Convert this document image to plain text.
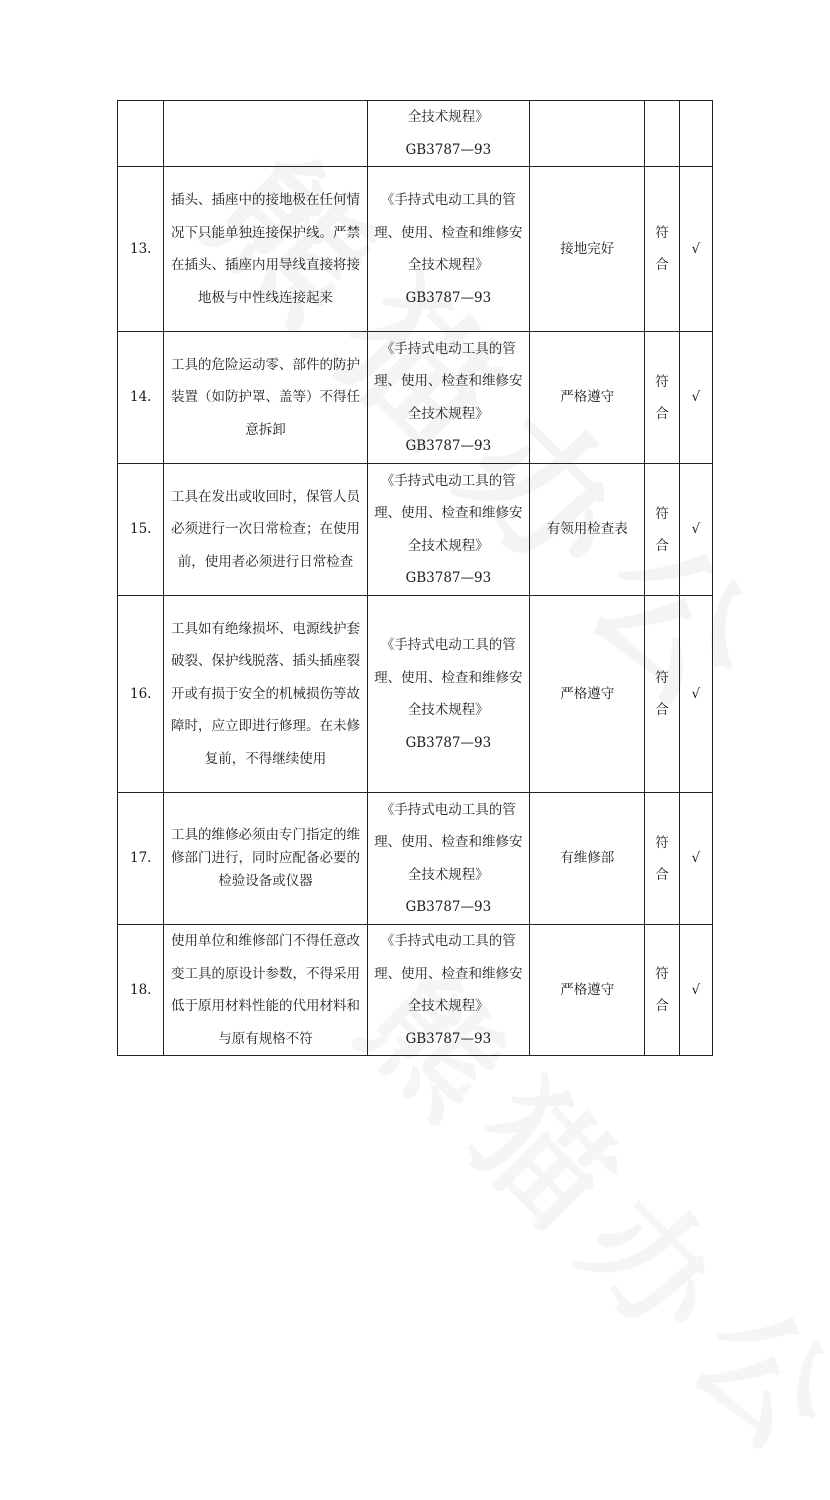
		全技术规程》
GB3787—93			

13.	插头、插座中的接地极在任何情况下只能单独连接保护线。严禁在插头、插座内用导线直接将接地极与中性线连接起来	《手持式电动工具的管
理、使用、检查和维修安
全技术规程》
GB3787—93	接地完好	符
合	√
14.	工具的危险运动零、部件的防护装置（如防护罩、盖等）不得任意拆卸	《手持式电动工具的管
理、使用、检查和维修安
全技术规程》
GB3787—93	严格遵守	符
合	√
15.	工具在发出或收回时，保管人员必须进行一次日常检查；在使用前，使用者必须进行日常检查	《手持式电动工具的管
理、使用、检查和维修安
全技术规程》
GB3787—93	有领用检查表	符
合	√
16.	工具如有绝缘损坏、电源线护套破裂、保护线脱落、插头插座裂开或有损于安全的机械损伤等故障时，应立即进行修理。在未修复前，不得继续使用	《手持式电动工具的管
理、使用、检查和维修安
全技术规程》
GB3787—93	严格遵守	符
合	√
17.	工具的维修必须由专门指定的维修部门进行，同时应配备必要的检验设备或仪器	《手持式电动工具的管
理、使用、检查和维修安
全技术规程》
GB3787—93	有维修部	符
合	√
18.	使用单位和维修部门不得任意改变工具的原设计参数，不得采用低于原用材料性能的代用材料和与原有规格不符	《手持式电动工具的管
理、使用、检查和维修安
全技术规程》
GB3787—93	严格遵守	符
合	√
